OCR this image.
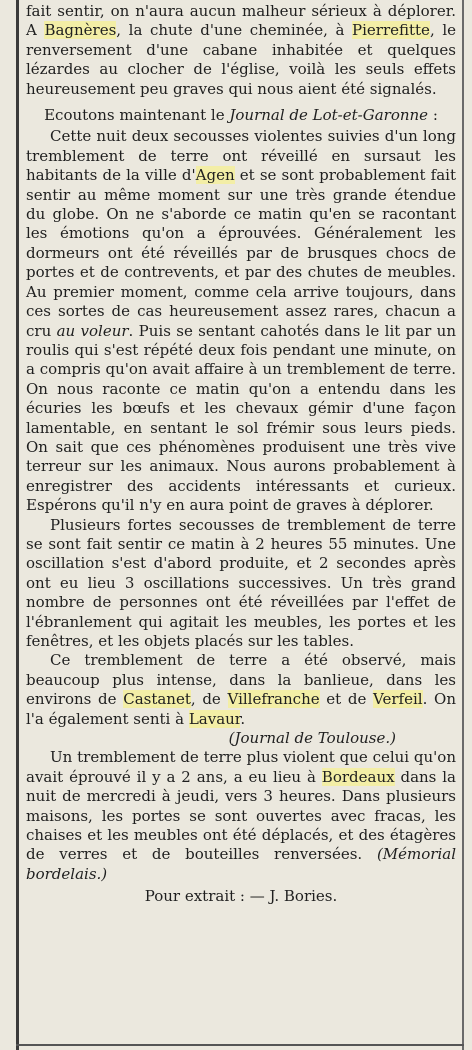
fait sentir, on n'aura aucun malheur sérieux à déplorer. A Bagnères, la chute d'une cheminée, à Pierrefitte, le renversement d'une cabane inhabitée et quelques lézardes au clocher de l'église, voilà les seuls effets heureusement peu graves qui nous aient été signalés.

Ecoutons maintenant le Journal de Lot-et-Garonne :

Cette nuit deux secousses violentes suivies d'un long tremblement de terre ont réveillé en sursaut les habitants de la ville d'Agen et se sont probablement fait sentir au même moment sur une très grande étendue du globe. On ne s'aborde ce matin qu'en se racontant les émotions qu'on a éprouvées. Généralement les dormeurs ont été réveillés par de brusques chocs de portes et de contrevents, et par des chutes de meubles. Au premier moment, comme cela arrive toujours, dans ces sortes de cas heureusement assez rares, chacun a cru au voleur. Puis se sentant cahotés dans le lit par un roulis qui s'est répété deux fois pendant une minute, on a compris qu'on avait affaire à un tremblement de terre. On nous raconte ce matin qu'on a entendu dans les écuries les bœufs et les chevaux gémir d'une façon lamentable, en sentant le sol frémir sous leurs pieds. On sait que ces phénomènes produisent une très vive terreur sur les animaux. Nous aurons probablement à enregistrer des accidents intéressants et curieux. Espérons qu'il n'y en aura point de graves à déplorer.

Plusieurs fortes secousses de tremblement de terre se sont fait sentir ce matin à 2 heures 55 minutes. Une oscillation s'est d'abord produite, et 2 secondes après ont eu lieu 3 oscillations successives. Un très grand nombre de personnes ont été réveillées par l'effet de l'ébranlement qui agitait les meubles, les portes et les fenêtres, et les objets placés sur les tables.

Ce tremblement de terre a été observé, mais beaucoup plus intense, dans la banlieue, dans les environs de Castanet, de Villefranche et de Verfeil. On l'a également senti à Lavaur.

(Journal de Toulouse.)

Un tremblement de terre plus violent que celui qu'on avait éprouvé il y a 2 ans, a eu lieu à Bordeaux dans la nuit de mercredi à jeudi, vers 3 heures. Dans plusieurs maisons, les portes se sont ouvertes avec fracas, les chaises et les meubles ont été déplacés, et des étagères de verres et de bouteilles renversées. (Mémorial bordelais.)

Pour extrait : — J. Bories.
